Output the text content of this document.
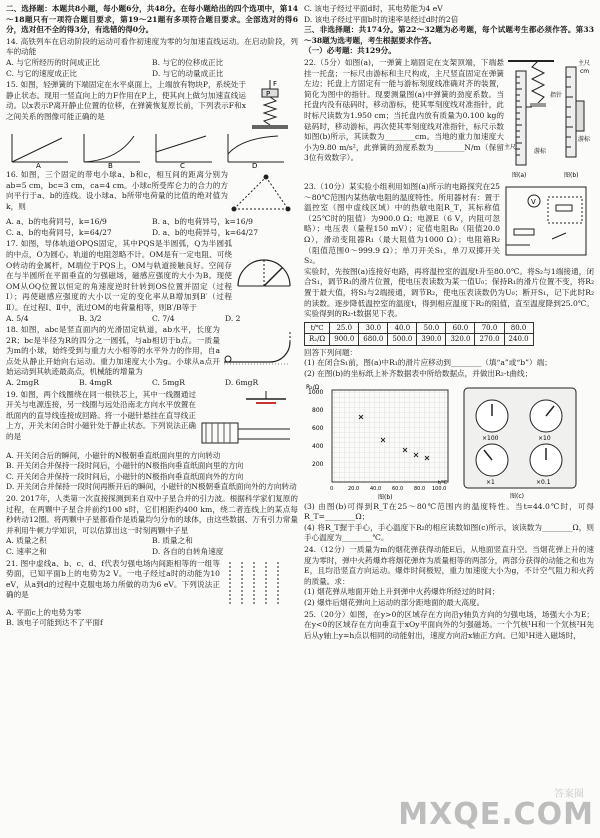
二、选择题：本题共8小题，每小题6分，共48分。在每小题给出的四个选项中，第14～18题只有一项符合题目要求，第19～21题有多项符合题目要求。全部选对的得6分，选对但不全的得3分，有选错的得0分。

14. 高铁列车在启动阶段的运动可看作初速度为零的匀加速直线运动。在启动阶段，列车的动能

A. 与它所经历的时间成正比	B. 与它的位移成正比
C. 与它的速度成正比	D. 与它的动量成正比

15. 如图，轻弹簧的下端固定在水平桌面上，上端放有物块P，系统处于静止状态。现用一竖直向上的力F作用在P上，使其向上做匀加速直线运动。以x表示P离开静止位置的位移，在弹簧恢复原长前，下列表示F和x之间关系的图像可能正确的是

P
F
A	B	C	D

16. 如图，三个固定的带电小球a、b和c，相互间的距离分别为ab=5 cm，bc=3 cm，ca=4 cm。小球c所受库仑力的合力的方向平行于a、b的连线。设小球a、b所带电荷量的比值的绝对值为k，则

A. a、b的电荷同号，k=16/9	B. a、b的电荷异号，k=16/9
C. a、b的电荷同号，k=64/27	D. a、b的电荷异号，k=64/27

17. 如图，导体轨道OPQS固定，其中PQS是半圆弧，Q为半圆弧的中点，O为圆心。轨道的电阻忽略不计。OM是有一定电阻、可绕O转动的金属杆，M端位于PQS上，OM与轨道接触良好。空间存在与半圆所在平面垂直的匀强磁场，磁感应强度的大小为B。现使OM从OQ位置以恒定的角速度逆时针转到OS位置并固定（过程Ⅰ）；再使磁感应强度的大小以一定的变化率从B增加到B′（过程Ⅱ）。在过程Ⅰ、Ⅱ中，流过OM的电荷量相等，则B′/B等于

A. 5/4	B. 3/2	C. 7/4	D. 2

18. 如图，abc是竖直面内的光滑固定轨道，ab水平，长度为2R；bc是半径为R的四分之一圆弧，与ab相切于b点。一质量为m的小球，始终受到与重力大小相等的水平外力的作用，自a点处从静止开始向右运动。重力加速度大小为g。小球从a点开始运动到其轨迹最高点，机械能的增量为

A. 2mgR	B. 4mgR	C. 5mgR	D. 6mgR

19. 如图，两个线圈绕在同一根铁芯上，其中一线圈通过开关与电源连接，另一线圈与远处沿南北方向水平放置在纸面内的直导线连接成回路。将一小磁针悬挂在直导线正上方，开关未闭合时小磁针处于静止状态。下列说法正确的是

A. 开关闭合后的瞬间，小磁针的N极朝垂直纸面向里的方向转动

B. 开关闭合并保持一段时间后，小磁针的N极指向垂直纸面向里的方向

C. 开关闭合并保持一段时间后，小磁针的N极指向垂直纸面向外的方向

D. 开关闭合并保持一段时间再断开后的瞬间，小磁针的N极朝垂直纸面向外的方向转动

20. 2017年，人类第一次直接探测到来自双中子星合并的引力波。根据科学家们复原的过程，在两颗中子星合并前约100 s时，它们相距约400 km，绕二者连线上的某点每秒转动12圈。将两颗中子星都看作是质量均匀分布的球体，由这些数据、万有引力常量并利用牛顿力学知识，可以估算出这一时刻两颗中子星

A. 质量之积	B. 质量之和
C. 速率之和	D. 各自的自转角速度

21. 图中虚线a、b、c、d、f代表匀强电场内间距相等的一组等势面，已知平面b上的电势为2 V。一电子经过a时的动能为10 eV，从a到d的过程中克服电场力所做的功为6 eV。下列说法正确的是

A. 平面c上的电势为零

B. 该电子可能到达不了平面f

C. 该电子经过平面d时，其电势能为4 eV

D. 该电子经过平面b时的速率是经过d时的2倍

三、非选择题：共174分。第22～32题为必考题，每个试题考生都必须作答。第33～38题为选考题，考生根据要求作答。

（一）必考题：共129分。

22.（5分）如图(a)，一弹簧上端固定在支架顶端，下端悬挂一托盘；一标尺由游标和主尺构成，主尺竖直固定在弹簧左边；托盘上方固定有一能与游标刻度线准确对齐的装置，简化为图中的指针。现要测量图(a)中弹簧的劲度系数。当托盘内没有砝码时，移动游标，使其零刻度线对准指针，此时标尺读数为1.950 cm；当托盘内放有质量为0.100 kg的砝码时，移动游标，再次使其零刻度线对准指针，标尺示数如图(b)所示，其读数为________cm。当地的重力加速度大小为9.80 m/s²，此弹簧的劲度系数为________N/m（保留3位有效数字）。

指针
主尺
游标
图(a)	图(b)
主尺
cm
游标

23.（10分）某实验小组利用如图(a)所示的电路探究在25～80℃范围内某热敏电阻的温度特性。所用器材有：置于温控室（图中虚线区域）中的热敏电阻R_T，其标称值（25℃时的阻值）为900.0 Ω；电源E（6 V，内阻可忽略）；电压表（量程150 mV）；定值电阻R₀（阻值20.0 Ω），滑动变阻器R₁（最大阻值为1000 Ω）；电阻箱R₂（阻值范围0～999.9 Ω）；单刀开关S₁，单刀双掷开关S₂。

V

实验时，先按图(a)连接好电路，再将温控室的温度t升至80.0℃。将S₂与1端接通，闭合S₁，调节R₁的滑片位置，使电压表读数为某一值U₀；保持R₁的滑片位置不变，将R₂置于最大值，将S₂与2端接通，调节R₂，使电压表读数仍为U₀；断开S₁，记下此时R₂的读数。逐步降低温控室的温度t，得到相应温度下R₂的阻值，直至温度降到25.0℃。实验得到的R₂-t数据见下表。

t/℃	25.0	30.0	40.0	50.0	60.0	70.0	80.0
R₂/Ω	900.0	680.0	500.0	390.0	320.0	270.0	240.0

回答下列问题：

(1) 在闭合S₁前，图(a)中R₁的滑片应移动到________（填“a”或“b”）端；

(2) 在图(b)的坐标纸上补齐数据表中所给数据点，并做出R₂-t曲线；

R₂/Ω
1000
800
600
400
200
0	20.0 40.0 60.0 80.0 100.0
t/℃
图(b)
×100	×10
×1	×0.1
图(c)

(3) 由图(b)可得到R_T在25～80℃范围内的温度特性。当t=44.0℃时，可得R_T=________Ω；

(4) 将R_T握于手心，手心温度下R₂的相应读数如图(c)所示，该读数为________Ω，则手心温度为________℃。

24.（12分）一质量为m的烟花弹获得动能E后，从地面竖直升空。当烟花弹上升的速度为零时，弹中火药爆炸将烟花弹炸为质量相等的两部分，两部分获得的动能之和也为E，且均沿竖直方向运动。爆炸时间极短，重力加速度大小为g，不计空气阻力和火药的质量。求：

(1) 烟花弹从地面开始上升到弹中火药爆炸所经过的时间；

(2) 爆炸后烟花弹向上运动的部分距地面的最大高度。

25.（20分）如图，在y>0的区域存在方向沿y轴负方向的匀强电场，场强大小为E；在y<0的区域存在方向垂直于xOy平面向外的匀强磁场。一个氕核¹H和一个氘核²H先后从y轴上y=h点以相同的动能射出，速度方向沿x轴正方向。已知¹H进入磁场时，

答案圈
MXQE.COM
